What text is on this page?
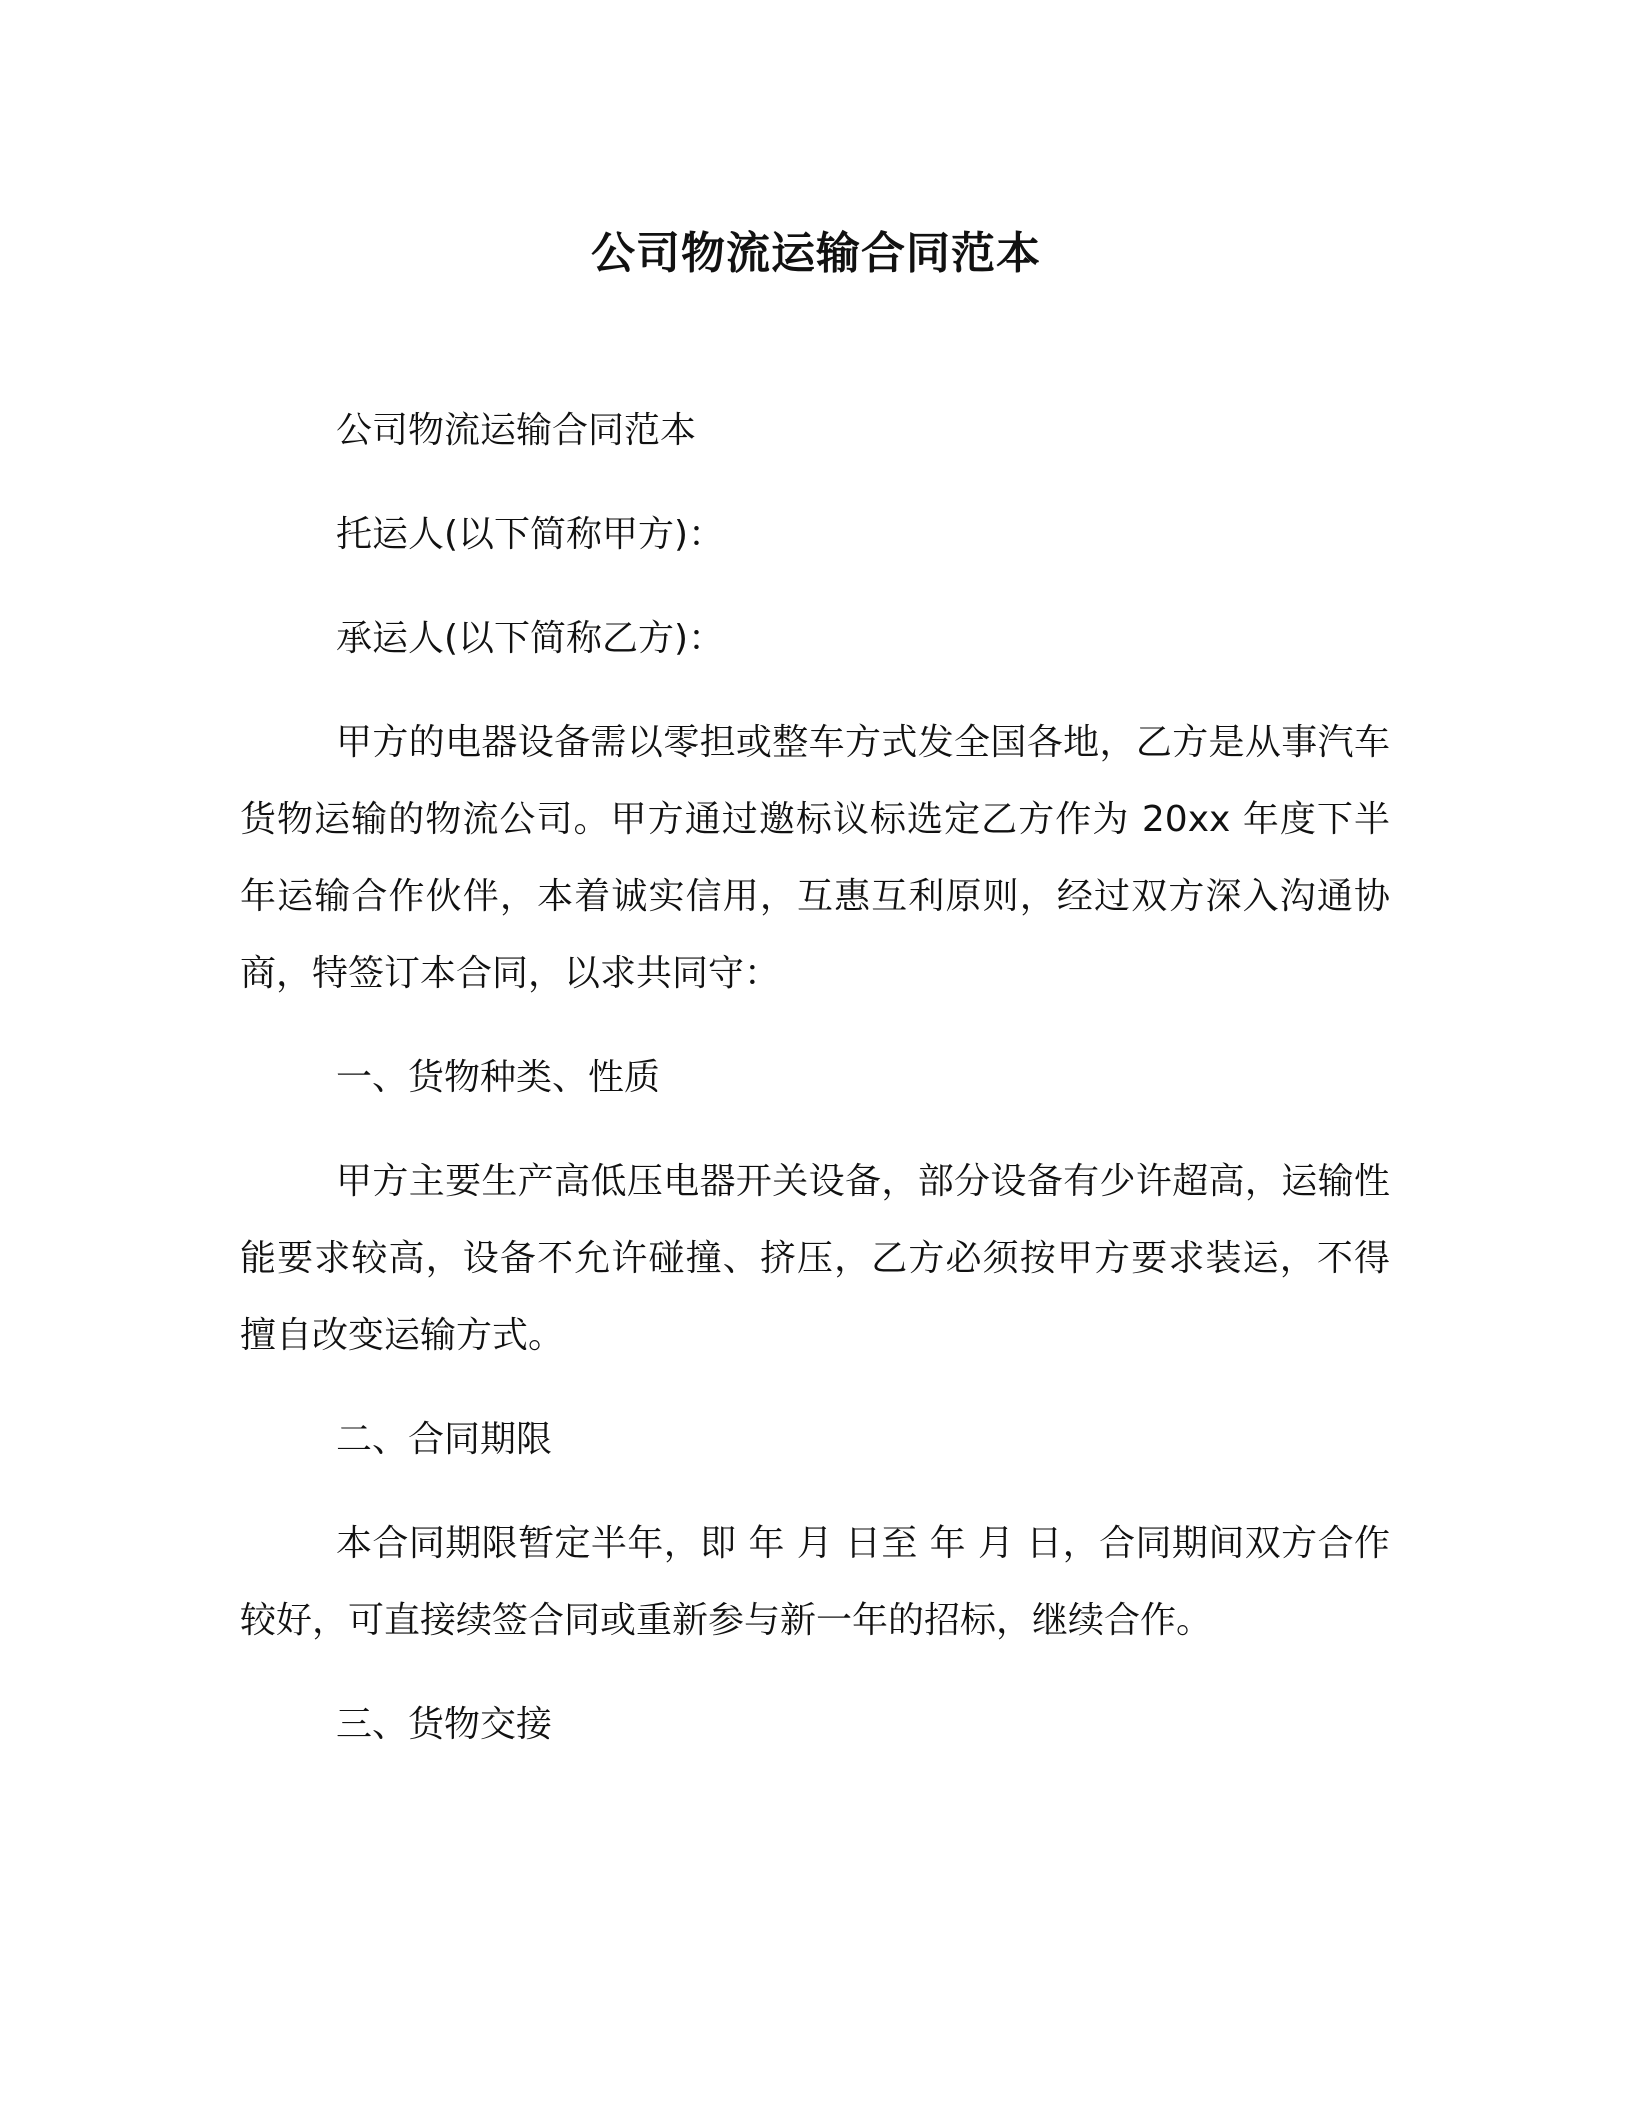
公司物流运输合同范本

公司物流运输合同范本

托运人(以下简称甲方)：

承运人(以下简称乙方)：

甲方的电器设备需以零担或整车方式发全国各地，乙方是从事汽车货物运输的物流公司。甲方通过邀标议标选定乙方作为 20xx 年度下半年运输合作伙伴，本着诚实信用，互惠互利原则，经过双方深入沟通协商，特签订本合同，以求共同守：

一、货物种类、性质

甲方主要生产高低压电器开关设备，部分设备有少许超高，运输性能要求较高，设备不允许碰撞、挤压，乙方必须按甲方要求装运，不得擅自改变运输方式。

二、合同期限

本合同期限暂定半年，即 年 月 日至 年 月 日，合同期间双方合作较好，可直接续签合同或重新参与新一年的招标，继续合作。

三、货物交接
